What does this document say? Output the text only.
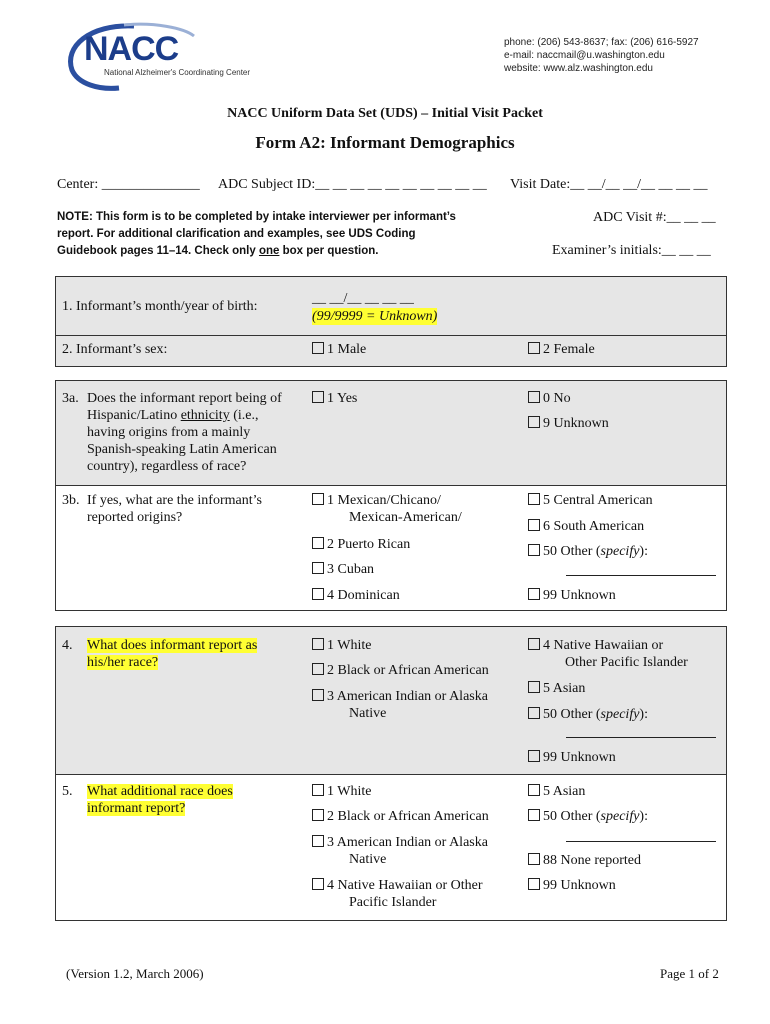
NACC
National Alzheimer's Coordinating Center
phone: (206) 543-8637; fax: (206) 616-5927
e-mail: naccmail@u.washington.edu
website: www.alz.washington.edu
NACC Uniform Data Set (UDS) – Initial Visit Packet
Form A2: Informant Demographics
Center: ______________ ADC Subject ID:__ __ __ __ __ __ __ __ __ __ Visit Date:__ __/__ __/__ __ __ __
NOTE: This form is to be completed by intake interviewer per informant’s
report. For additional clarification and examples, see UDS Coding
Guidebook pages 11–14. Check only one box per question.
ADC Visit #:__ __ __
Examiner’s initials:__ __ __
1. Informant’s month/year of birth:
__ __/__ __ __ __
(99/9999 = Unknown)
2. Informant’s sex:	1 Male	2 Female
3a. Does the informant report being of
Hispanic/Latino ethnicity (i.e.,
having origins from a mainly
Spanish-speaking Latin American
country), regardless of race?
1 Yes	0 No
9 Unknown
3b. If yes, what are the informant’s
reported origins?
1 Mexican/Chicano/
Mexican-American/
2 Puerto Rican
3 Cuban
4 Dominican
5 Central American
6 South American
50 Other (specify):
99 Unknown
4. What does informant report as
his/her race?
1 White
2 Black or African American
3 American Indian or Alaska
Native
4 Native Hawaiian or
Other Pacific Islander
5 Asian
50 Other (specify):
99 Unknown
5. What additional race does
informant report?
1 White
2 Black or African American
3 American Indian or Alaska
Native
4 Native Hawaiian or Other
Pacific Islander
5 Asian
50 Other (specify):
88 None reported
99 Unknown
(Version 1.2, March 2006)	Page 1 of 2
